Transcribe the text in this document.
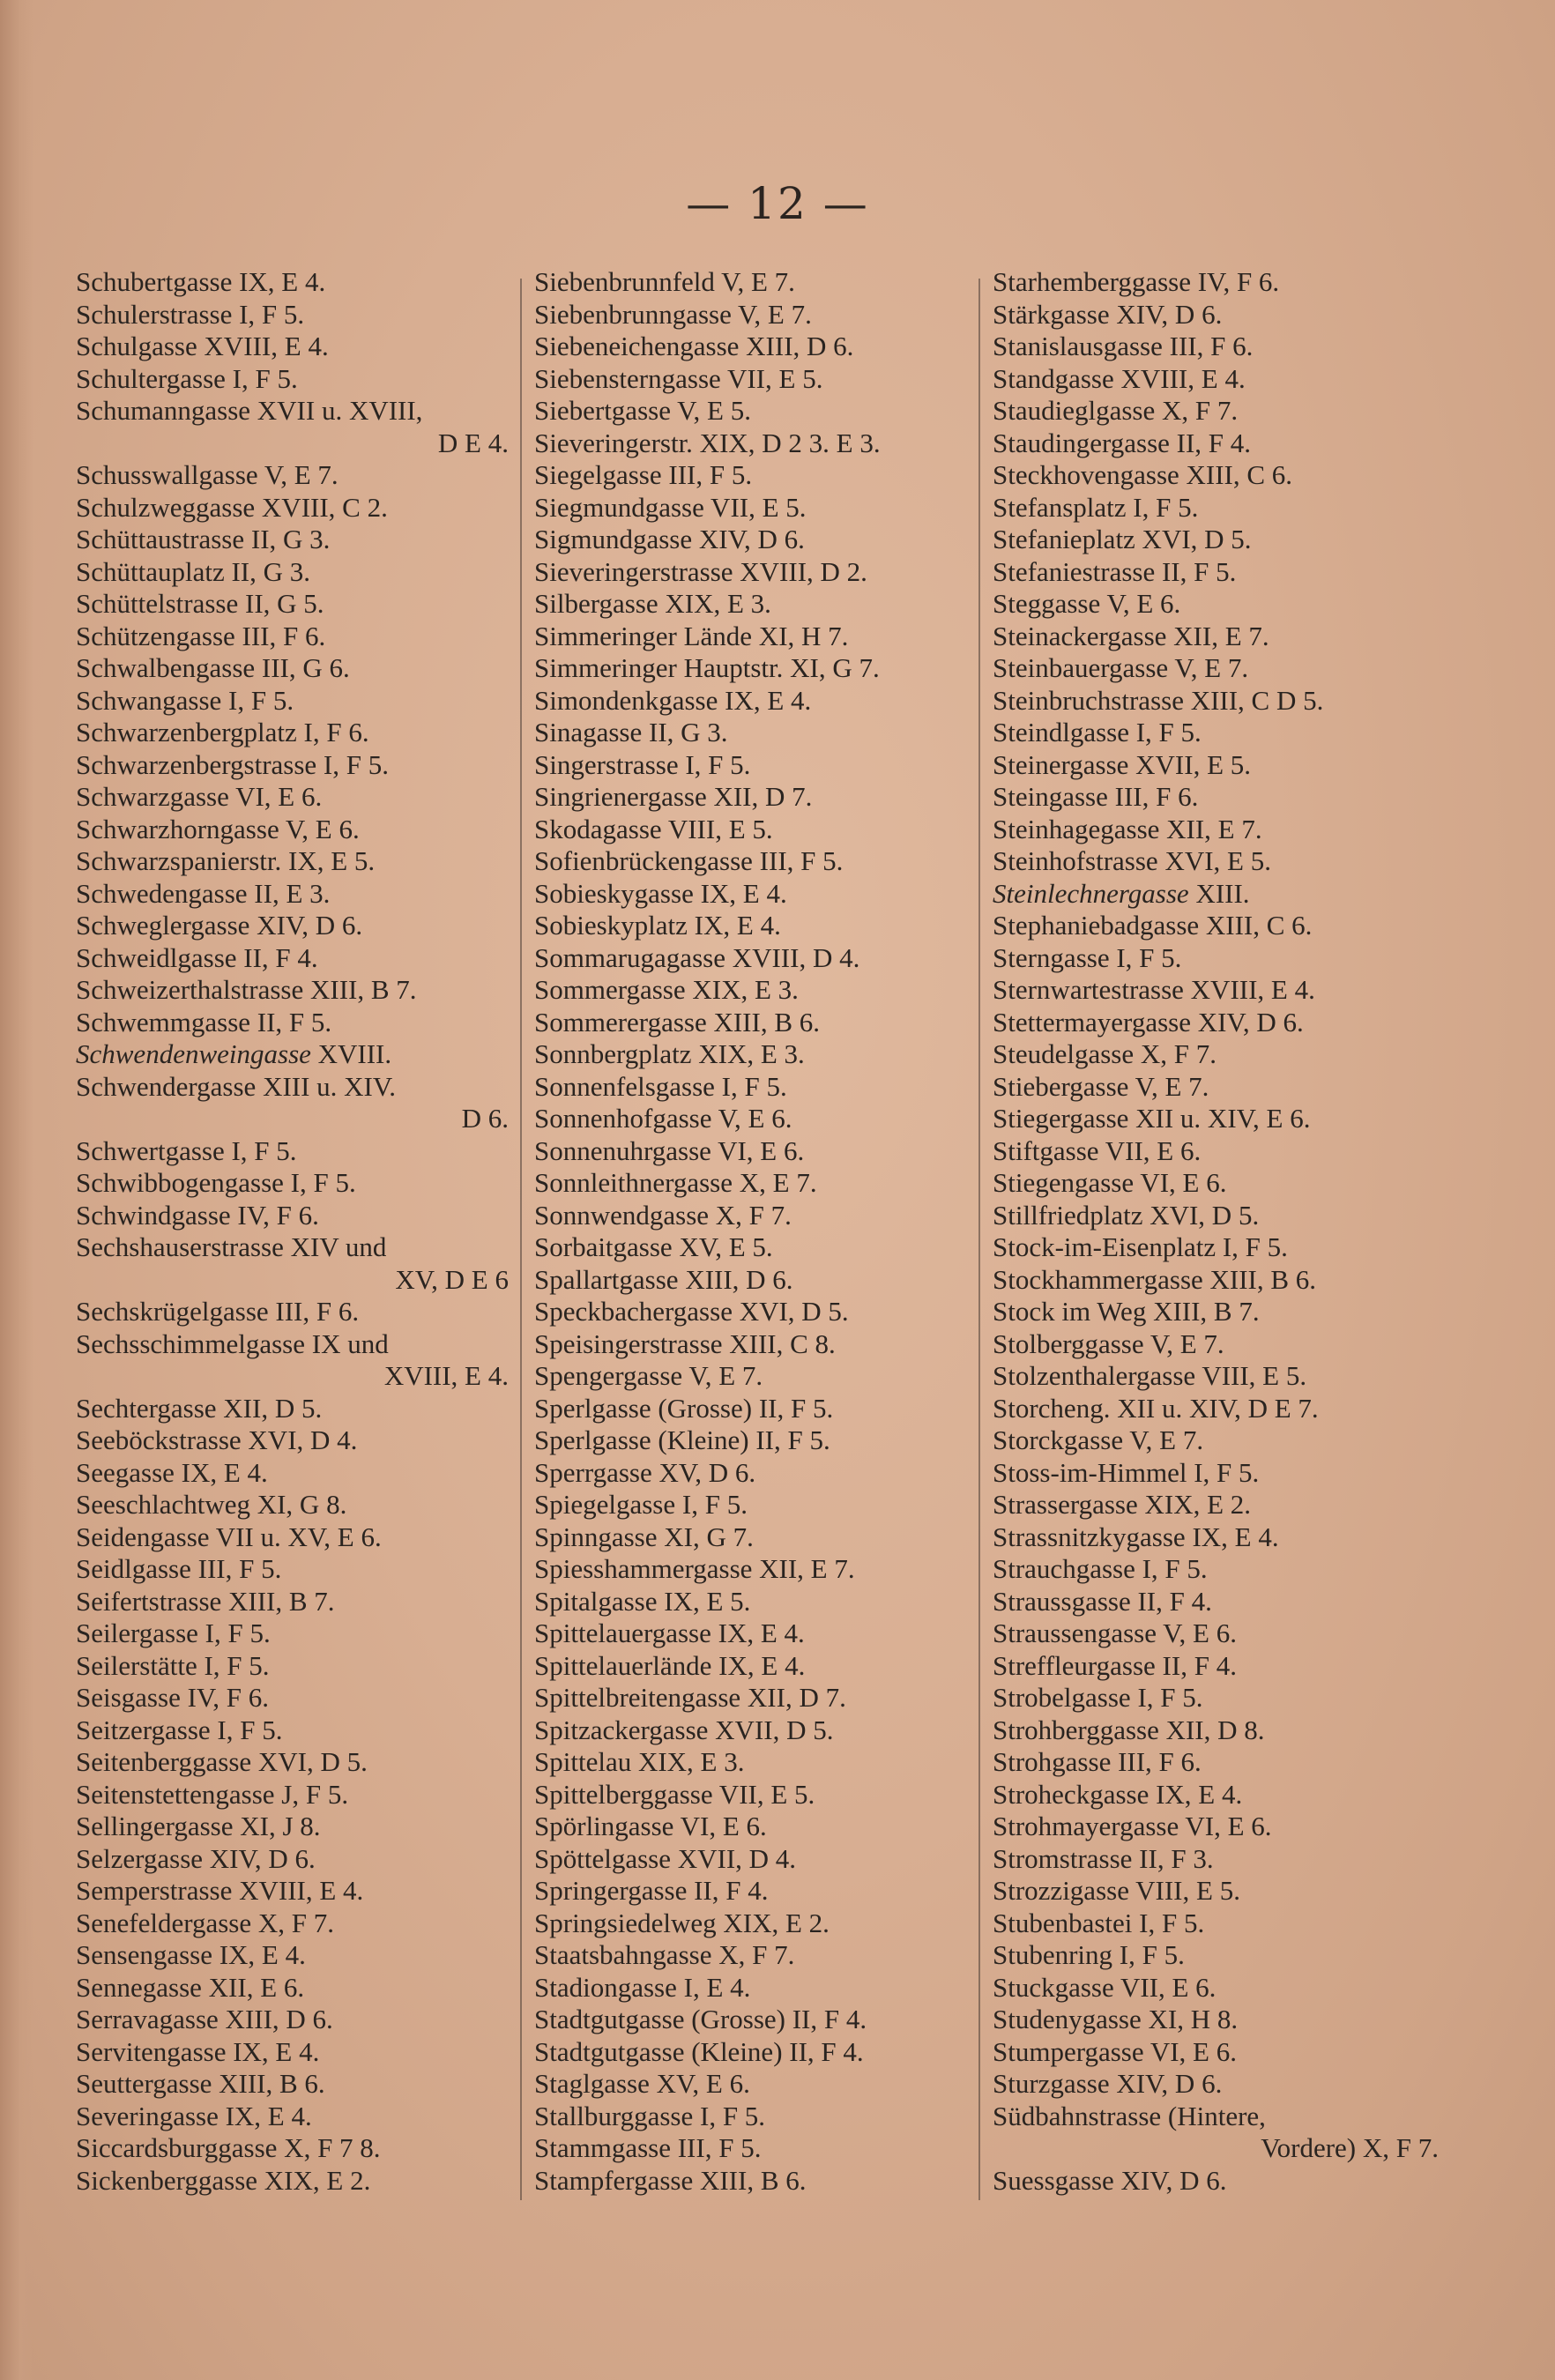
— 12 —
Schubertgasse IX, E 4.
Schulerstrasse I, F 5.
Schulgasse XVIII, E 4.
Schultergasse I, F 5.
Schumanngasse XVII u. XVIII,
D E 4.
Schusswallgasse V, E 7.
Schulzweggasse XVIII, C 2.
Schüttaustrasse II, G 3.
Schüttauplatz II, G 3.
Schüttelstrasse II, G 5.
Schützengasse III, F 6.
Schwalbengasse III, G 6.
Schwangasse I, F 5.
Schwarzenbergplatz I, F 6.
Schwarzenbergstrasse I, F 5.
Schwarzgasse VI, E 6.
Schwarzhorngasse V, E 6.
Schwarzspanierstr. IX, E 5.
Schwedengasse II, E 3.
Schweglergasse XIV, D 6.
Schweidlgasse II, F 4.
Schweizerthalstrasse XIII, B 7.
Schwemmgasse II, F 5.
Schwendenweingasse XVIII.
Schwendergasse XIII u. XIV.
D 6.
Schwertgasse I, F 5.
Schwibbogengasse I, F 5.
Schwindgasse IV, F 6.
Sechshauserstrasse XIV und
XV, D E 6
Sechskrügelgasse III, F 6.
Sechsschimmelgasse IX und
XVIII, E 4.
Sechtergasse XII, D 5.
Seeböckstrasse XVI, D 4.
Seegasse IX, E 4.
Seeschlachtweg XI, G 8.
Seidengasse VII u. XV, E 6.
Seidlgasse III, F 5.
Seifertstrasse XIII, B 7.
Seilergasse I, F 5.
Seilerstätte I, F 5.
Seisgasse IV, F 6.
Seitzergasse I, F 5.
Seitenberggasse XVI, D 5.
Seitenstettengasse J, F 5.
Sellingergasse XI, J 8.
Selzergasse XIV, D 6.
Semperstrasse XVIII, E 4.
Senefeldergasse X, F 7.
Sensengasse IX, E 4.
Sennegasse XII, E 6.
Serravagasse XIII, D 6.
Servitengasse IX, E 4.
Seuttergasse XIII, B 6.
Severingasse IX, E 4.
Siccardsburggasse X, F 7 8.
Sickenberggasse XIX, E 2.
Siebenbrunnfeld V, E 7.
Siebenbrunngasse V, E 7.
Siebeneichengasse XIII, D 6.
Siebensterngasse VII, E 5.
Siebertgasse V, E 5.
Sieveringerstr. XIX, D 2 3. E 3.
Siegelgasse III, F 5.
Siegmundgasse VII, E 5.
Sigmundgasse XIV, D 6.
Sieveringerstrasse XVIII, D 2.
Silbergasse XIX, E 3.
Simmeringer Lände XI, H 7.
Simmeringer Hauptstr. XI, G 7.
Simondenkgasse IX, E 4.
Sinagasse II, G 3.
Singerstrasse I, F 5.
Singrienergasse XII, D 7.
Skodagasse VIII, E 5.
Sofienbrückengasse III, F 5.
Sobieskygasse IX, E 4.
Sobieskyplatz IX, E 4.
Sommarugagasse XVIII, D 4.
Sommergasse XIX, E 3.
Sommerergasse XIII, B 6.
Sonnbergplatz XIX, E 3.
Sonnenfelsgasse I, F 5.
Sonnenhofgasse V, E 6.
Sonnenuhrgasse VI, E 6.
Sonnleithnergasse X, E 7.
Sonnwendgasse X, F 7.
Sorbaitgasse XV, E 5.
Spallartgasse XIII, D 6.
Speckbachergasse XVI, D 5.
Speisingerstrasse XIII, C 8.
Spengergasse V, E 7.
Sperlgasse (Grosse) II, F 5.
Sperlgasse (Kleine) II, F 5.
Sperrgasse XV, D 6.
Spiegelgasse I, F 5.
Spinngasse XI, G 7.
Spiesshammergasse XII, E 7.
Spitalgasse IX, E 5.
Spittelauergasse IX, E 4.
Spittelauerlände IX, E 4.
Spittelbreitengasse XII, D 7.
Spitzackergasse XVII, D 5.
Spittelau XIX, E 3.
Spittelberggasse VII, E 5.
Spörlingasse VI, E 6.
Spöttelgasse XVII, D 4.
Springergasse II, F 4.
Springsiedelweg XIX, E 2.
Staatsbahngasse X, F 7.
Stadiongasse I, E 4.
Stadtgutgasse (Grosse) II, F 4.
Stadtgutgasse (Kleine) II, F 4.
Staglgasse XV, E 6.
Stallburggasse I, F 5.
Stammgasse III, F 5.
Stampfergasse XIII, B 6.
Starhemberggasse IV, F 6.
Stärkgasse XIV, D 6.
Stanislausgasse III, F 6.
Standgasse XVIII, E 4.
Staudieglgasse X, F 7.
Staudingergasse II, F 4.
Steckhovengasse XIII, C 6.
Stefansplatz I, F 5.
Stefanieplatz XVI, D 5.
Stefaniestrasse II, F 5.
Steggasse V, E 6.
Steinackergasse XII, E 7.
Steinbauergasse V, E 7.
Steinbruchstrasse XIII, C D 5.
Steindlgasse I, F 5.
Steinergasse XVII, E 5.
Steingasse III, F 6.
Steinhagegasse XII, E 7.
Steinhofstrasse XVI, E 5.
Steinlechnergasse XIII.
Stephaniebadgasse XIII, C 6.
Sterngasse I, F 5.
Sternwartestrasse XVIII, E 4.
Stettermayergasse XIV, D 6.
Steudelgasse X, F 7.
Stiebergasse V, E 7.
Stiegergasse XII u. XIV, E 6.
Stiftgasse VII, E 6.
Stiegengasse VI, E 6.
Stillfriedplatz XVI, D 5.
Stock-im-Eisenplatz I, F 5.
Stockhammergasse XIII, B 6.
Stock im Weg XIII, B 7.
Stolberggasse V, E 7.
Stolzenthalergasse VIII, E 5.
Storcheng. XII u. XIV, D E 7.
Storckgasse V, E 7.
Stoss-im-Himmel I, F 5.
Strassergasse XIX, E 2.
Strassnitzkygasse IX, E 4.
Strauchgasse I, F 5.
Straussgasse II, F 4.
Straussengasse V, E 6.
Streffleurgasse II, F 4.
Strobelgasse I, F 5.
Strohberggasse XII, D 8.
Strohgasse III, F 6.
Stroheckgasse IX, E 4.
Strohmayergasse VI, E 6.
Stromstrasse II, F 3.
Strozzigasse VIII, E 5.
Stubenbastei I, F 5.
Stubenring I, F 5.
Stuckgasse VII, E 6.
Studenygasse XI, H 8.
Stumpergasse VI, E 6.
Sturzgasse XIV, D 6.
Südbahnstrasse (Hintere,
Vordere) X, F 7.
Suessgasse XIV, D 6.
